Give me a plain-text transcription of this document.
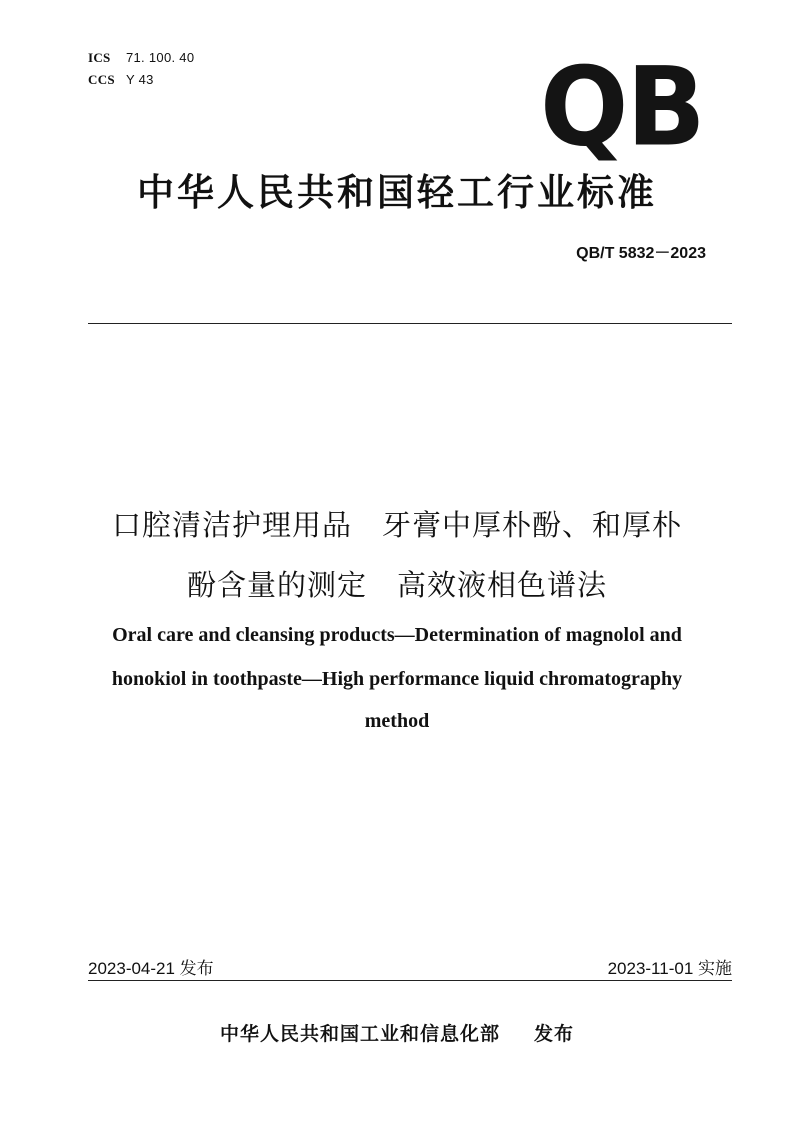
ICS 71. 100. 40
CCS Y 43	QB
中华人民共和国轻工行业标准
QB/T 5832－2023
口腔清洁护理用品　牙膏中厚朴酚、和厚朴
酚含量的测定　高效液相色谱法
Oral care and cleansing products—Determination of magnolol and
honokiol in toothpaste—High performance liquid chromatography
method
2023-04-21 发布	2023-11-01 实施
中华人民共和国工业和信息化部 发布
